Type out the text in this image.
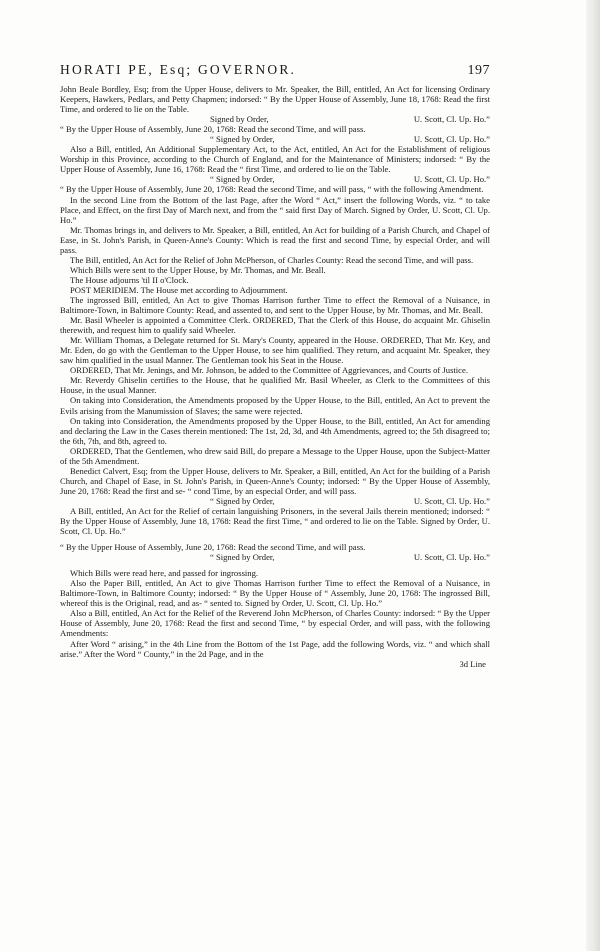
HORATI PE, Esq; GOVERNOR.	197

John Beale Bordley, Esq; from the Upper House, delivers to Mr. Speaker, the Bill, entitled, An Act for licensing Ordinary Keepers, Hawkers, Pedlars, and Petty Chapmen; indorsed: “ By the Upper House of Assembly, June 18, 1768: Read the first Time, and ordered to lie on the Table.

Signed by Order,	U. Scott, Cl. Up. Ho.”

“ By the Upper House of Assembly, June 20, 1768: Read the second Time, and will pass.

“ Signed by Order,	U. Scott, Cl. Up. Ho.”

Also a Bill, entitled, An Additional Supplementary Act, to the Act, entitled, An Act for the Establishment of religious Worship in this Province, according to the Church of England, and for the Maintenance of Ministers; indorsed: “ By the Upper House of Assembly, June 16, 1768: Read the “ first Time, and ordered to lie on the Table.

“ Signed by Order,	U. Scott, Cl. Up. Ho.”

“ By the Upper House of Assembly, June 20, 1768: Read the second Time, and will pass, “ with the following Amendment.

In the second Line from the Bottom of the last Page, after the Word “ Act,” insert the following Words, viz. “ to take Place, and Effect, on the first Day of March next, and from the “ said first Day of March. Signed by Order, U. Scott, Cl. Up. Ho.”

Mr. Thomas brings in, and delivers to Mr. Speaker, a Bill, entitled, An Act for building of a Parish Church, and Chapel of Ease, in St. John's Parish, in Queen-Anne's County: Which is read the first and second Time, by especial Order, and will pass.

The Bill, entitled, An Act for the Relief of John McPherson, of Charles County: Read the second Time, and will pass.

Which Bills were sent to the Upper House, by Mr. Thomas, and Mr. Beall.

The House adjourns 'til II o'Clock.

POST MERIDIEM. The House met according to Adjournment.

The ingrossed Bill, entitled, An Act to give Thomas Harrison further Time to effect the Removal of a Nuisance, in Baltimore-Town, in Baltimore County: Read, and assented to, and sent to the Upper House, by Mr. Thomas, and Mr. Beall.

Mr. Basil Wheeler is appointed a Committee Clerk. ORDERED, That the Clerk of this House, do acquaint Mr. Ghiselin therewith, and request him to qualify said Wheeler.

Mr. William Thomas, a Delegate returned for St. Mary's County, appeared in the House. ORDERED, That Mr. Key, and Mr. Eden, do go with the Gentleman to the Upper House, to see him qualified. They return, and acquaint Mr. Speaker, they saw him qualified in the usual Manner. The Gentleman took his Seat in the House.

ORDERED, That Mr. Jenings, and Mr. Johnson, be added to the Committee of Aggrievances, and Courts of Justice.

Mr. Reverdy Ghiselin certifies to the House, that he qualified Mr. Basil Wheeler, as Clerk to the Committees of this House, in the usual Manner.

On taking into Consideration, the Amendments proposed by the Upper House, to the Bill, entitled, An Act to prevent the Evils arising from the Manumission of Slaves; the same were rejected.

On taking into Consideration, the Amendments proposed by the Upper House, to the Bill, entitled, An Act for amending and declaring the Law in the Cases therein mentioned: The 1st, 2d, 3d, and 4th Amendments, agreed to; the 5th disagreed to; the 6th, 7th, and 8th, agreed to.

ORDERED, That the Gentlemen, who drew said Bill, do prepare a Message to the Upper House, upon the Subject-Matter of the 5th Amendment.

Benedict Calvert, Esq; from the Upper House, delivers to Mr. Speaker, a Bill, entitled, An Act for the building of a Parish Church, and Chapel of Ease, in St. John's Parish, in Queen-Anne's County; indorsed: “ By the Upper House of Assembly, June 20, 1768: Read the first and se- “ cond Time, by an especial Order, and will pass.

“ Signed by Order,	U. Scott, Cl. Up. Ho.”

A Bill, entitled, An Act for the Relief of certain languishing Prisoners, in the several Jails therein mentioned; indorsed: “ By the Upper House of Assembly, June 18, 1768: Read the first Time, “ and ordered to lie on the Table. Signed by Order, U. Scott, Cl. Up. Ho.”

“ By the Upper House of Assembly, June 20, 1768: Read the second Time, and will pass.

“ Signed by Order,	U. Scott, Cl. Up. Ho.”

Which Bills were read here, and passed for ingrossing.

Also the Paper Bill, entitled, An Act to give Thomas Harrison further Time to effect the Removal of a Nuisance, in Baltimore-Town, in Baltimore County; indorsed: “ By the Upper House of “ Assembly, June 20, 1768: The ingrossed Bill, whereof this is the Original, read, and as- “ sented to. Signed by Order, U. Scott, Cl. Up. Ho.”

Also a Bill, entitled, An Act for the Relief of the Reverend John McPherson, of Charles County: indorsed: “ By the Upper House of Assembly, June 20, 1768: Read the first and second Time, “ by especial Order, and will pass, with the following Amendments:

After Word “ arising,” in the 4th Line from the Bottom of the 1st Page, add the following Words, viz. “ and which shall arise.” After the Word “ County,” in the 2d Page, and in the

3d Line
